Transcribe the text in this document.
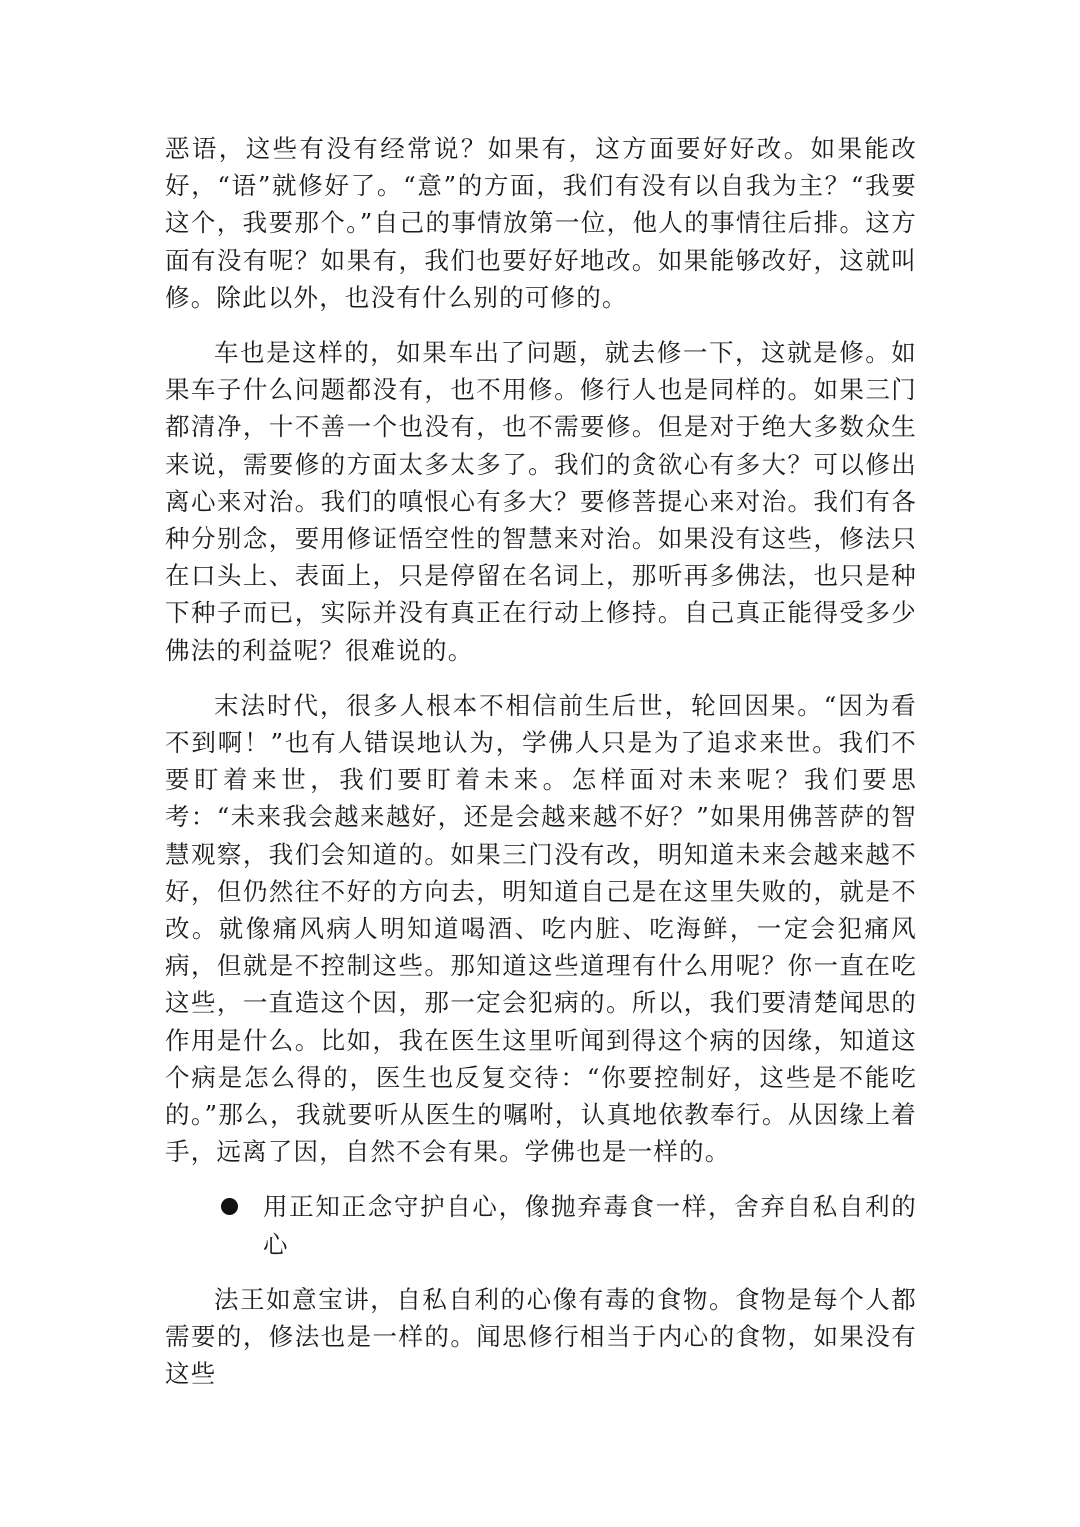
恶语，这些有没有经常说？如果有，这方面要好好改。如果能改好，“语”就修好了。“意”的方面，我们有没有以自我为主？“我要这个，我要那个。”自己的事情放第一位，他人的事情往后排。这方面有没有呢？如果有，我们也要好好地改。如果能够改好，这就叫修。除此以外，也没有什么别的可修的。

车也是这样的，如果车出了问题，就去修一下，这就是修。如果车子什么问题都没有，也不用修。修行人也是同样的。如果三门都清净，十不善一个也没有，也不需要修。但是对于绝大多数众生来说，需要修的方面太多太多了。我们的贪欲心有多大？可以修出离心来对治。我们的嗔恨心有多大？要修菩提心来对治。我们有各种分别念，要用修证悟空性的智慧来对治。如果没有这些，修法只在口头上、表面上，只是停留在名词上，那听再多佛法，也只是种下种子而已，实际并没有真正在行动上修持。自己真正能得受多少佛法的利益呢？很难说的。

末法时代，很多人根本不相信前生后世，轮回因果。“因为看不到啊！”也有人错误地认为，学佛人只是为了追求来世。我们不要盯着来世，我们要盯着未来。怎样面对未来呢？我们要思考：“未来我会越来越好，还是会越来越不好？”如果用佛菩萨的智慧观察，我们会知道的。如果三门没有改，明知道未来会越来越不好，但仍然往不好的方向去，明知道自己是在这里失败的，就是不改。就像痛风病人明知道喝酒、吃内脏、吃海鲜，一定会犯痛风病，但就是不控制这些。那知道这些道理有什么用呢？你一直在吃这些，一直造这个因，那一定会犯病的。所以，我们要清楚闻思的作用是什么。比如，我在医生这里听闻到得这个病的因缘，知道这个病是怎么得的，医生也反复交待：“你要控制好，这些是不能吃的。”那么，我就要听从医生的嘱咐，认真地依教奉行。从因缘上着手，远离了因，自然不会有果。学佛也是一样的。

用正知正念守护自心，像抛弃毒食一样，舍弃自私自利的心

法王如意宝讲，自私自利的心像有毒的食物。食物是每个人都需要的，修法也是一样的。闻思修行相当于内心的食物，如果没有这些
